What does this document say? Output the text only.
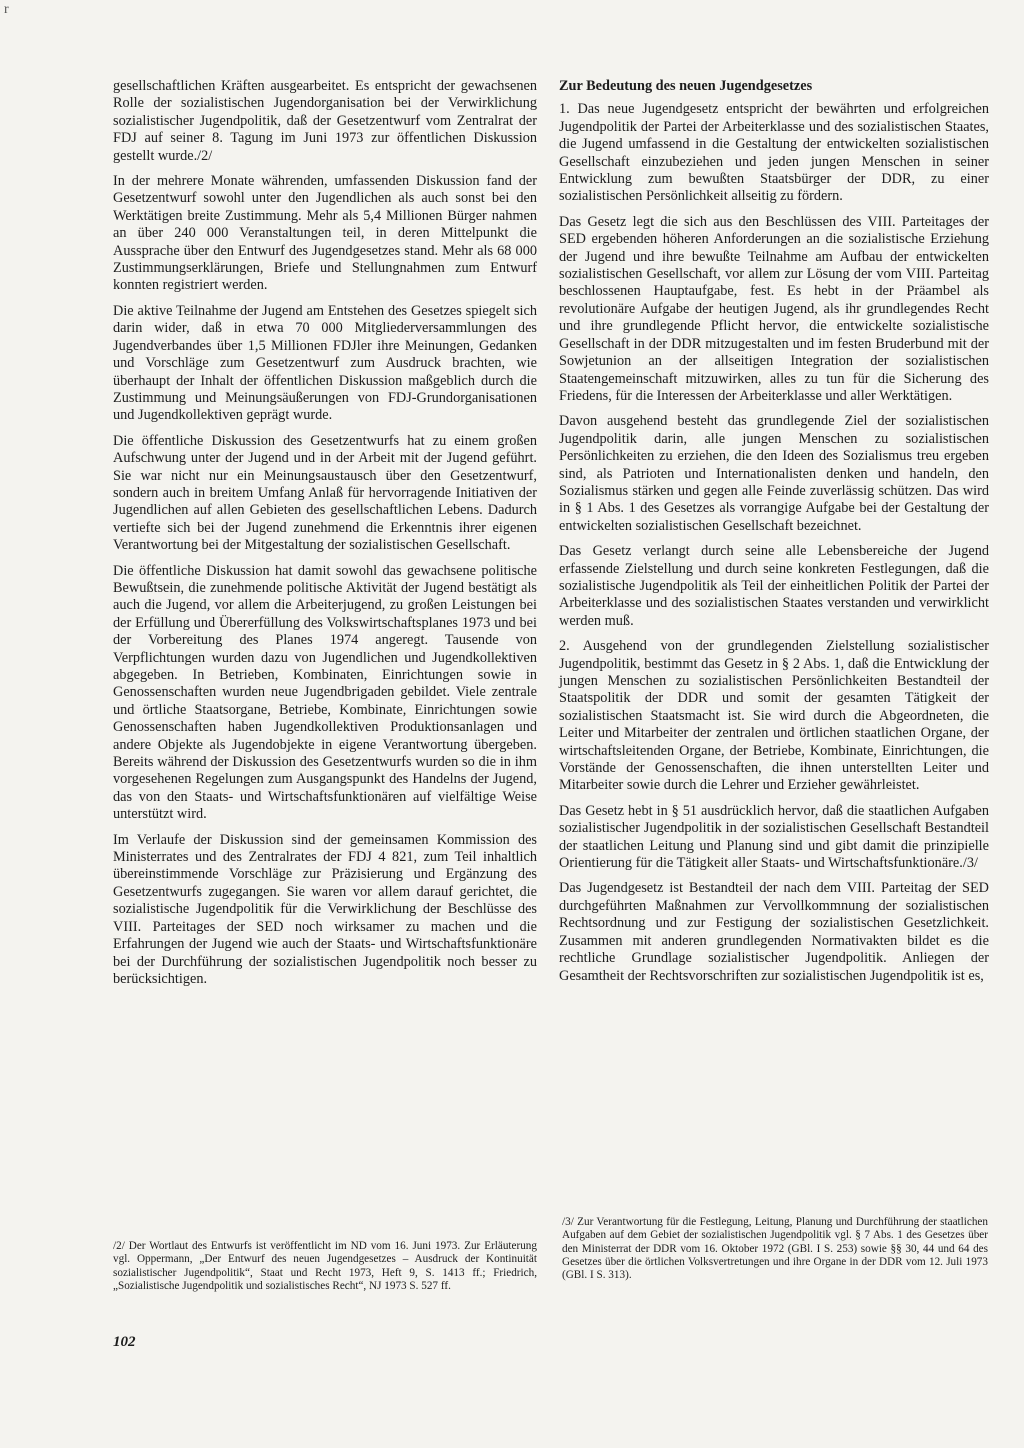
r

gesellschaftlichen Kräften ausgearbeitet. Es entspricht der gewachsenen Rolle der sozialistischen Jugendorganisation bei der Verwirklichung sozialistischer Jugendpolitik, daß der Gesetzentwurf vom Zentralrat der FDJ auf seiner 8. Tagung im Juni 1973 zur öffentlichen Diskussion gestellt wurde./2/

In der mehrere Monate währenden, umfassenden Diskussion fand der Gesetzentwurf sowohl unter den Jugendlichen als auch sonst bei den Werktätigen breite Zustimmung. Mehr als 5,4 Millionen Bürger nahmen an über 240 000 Veranstaltungen teil, in deren Mittelpunkt die Aussprache über den Entwurf des Jugendgesetzes stand. Mehr als 68 000 Zustimmungserklärungen, Briefe und Stellungnahmen zum Entwurf konnten registriert werden.

Die aktive Teilnahme der Jugend am Entstehen des Gesetzes spiegelt sich darin wider, daß in etwa 70 000 Mitgliederversammlungen des Jugendverbandes über 1,5 Millionen FDJler ihre Meinungen, Gedanken und Vorschläge zum Gesetzentwurf zum Ausdruck brachten, wie überhaupt der Inhalt der öffentlichen Diskussion maßgeblich durch die Zustimmung und Meinungsäußerungen von FDJ-Grundorganisationen und Jugendkollektiven geprägt wurde.

Die öffentliche Diskussion des Gesetzentwurfs hat zu einem großen Aufschwung unter der Jugend und in der Arbeit mit der Jugend geführt. Sie war nicht nur ein Meinungsaustausch über den Gesetzentwurf, sondern auch in breitem Umfang Anlaß für hervorragende Initiativen der Jugendlichen auf allen Gebieten des gesellschaftlichen Lebens. Dadurch vertiefte sich bei der Jugend zunehmend die Erkenntnis ihrer eigenen Verantwortung bei der Mitgestaltung der sozialistischen Gesellschaft.

Die öffentliche Diskussion hat damit sowohl das gewachsene politische Bewußtsein, die zunehmende politische Aktivität der Jugend bestätigt als auch die Jugend, vor allem die Arbeiterjugend, zu großen Leistungen bei der Erfüllung und Übererfüllung des Volkswirtschaftsplanes 1973 und bei der Vorbereitung des Planes 1974 angeregt. Tausende von Verpflichtungen wurden dazu von Jugendlichen und Jugendkollektiven abgegeben. In Betrieben, Kombinaten, Einrichtungen sowie in Genossenschaften wurden neue Jugendbrigaden gebildet. Viele zentrale und örtliche Staatsorgane, Betriebe, Kombinate, Einrichtungen sowie Genossenschaften haben Jugendkollektiven Produktionsanlagen und andere Objekte als Jugendobjekte in eigene Verantwortung übergeben. Bereits während der Diskussion des Gesetzentwurfs wurden so die in ihm vorgesehenen Regelungen zum Ausgangspunkt des Handelns der Jugend, das von den Staats- und Wirtschaftsfunktionären auf vielfältige Weise unterstützt wird.

Im Verlaufe der Diskussion sind der gemeinsamen Kommission des Ministerrates und des Zentralrates der FDJ 4 821, zum Teil inhaltlich übereinstimmende Vorschläge zur Präzisierung und Ergänzung des Gesetzentwurfs zugegangen. Sie waren vor allem darauf gerichtet, die sozialistische Jugendpolitik für die Verwirklichung der Beschlüsse des VIII. Parteitages der SED noch wirksamer zu machen und die Erfahrungen der Jugend wie auch der Staats- und Wirtschaftsfunktionäre bei der Durchführung der sozialistischen Jugendpolitik noch besser zu berücksichtigen.

/2/ Der Wortlaut des Entwurfs ist veröffentlicht im ND vom 16. Juni 1973. Zur Erläuterung vgl. Oppermann, „Der Entwurf des neuen Jugendgesetzes – Ausdruck der Kontinuität sozialistischer Jugendpolitik“, Staat und Recht 1973, Heft 9, S. 1413 ff.; Friedrich, „Sozialistische Jugendpolitik und sozialistisches Recht“, NJ 1973 S. 527 ff.
Zur Bedeutung des neuen Jugendgesetzes

1. Das neue Jugendgesetz entspricht der bewährten und erfolgreichen Jugendpolitik der Partei der Arbeiterklasse und des sozialistischen Staates, die Jugend umfassend in die Gestaltung der entwickelten sozialistischen Gesellschaft einzubeziehen und jeden jungen Menschen in seiner Entwicklung zum bewußten Staatsbürger der DDR, zu einer sozialistischen Persönlichkeit allseitig zu fördern.

Das Gesetz legt die sich aus den Beschlüssen des VIII. Parteitages der SED ergebenden höheren Anforderungen an die sozialistische Erziehung der Jugend und ihre bewußte Teilnahme am Aufbau der entwickelten sozialistischen Gesellschaft, vor allem zur Lösung der vom VIII. Parteitag beschlossenen Hauptaufgabe, fest. Es hebt in der Präambel als revolutionäre Aufgabe der heutigen Jugend, als ihr grundlegendes Recht und ihre grundlegende Pflicht hervor, die entwickelte sozialistische Gesellschaft in der DDR mitzugestalten und im festen Bruderbund mit der Sowjetunion an der allseitigen Integration der sozialistischen Staatengemeinschaft mitzuwirken, alles zu tun für die Sicherung des Friedens, für die Interessen der Arbeiterklasse und aller Werktätigen.

Davon ausgehend besteht das grundlegende Ziel der sozialistischen Jugendpolitik darin, alle jungen Menschen zu sozialistischen Persönlichkeiten zu erziehen, die den Ideen des Sozialismus treu ergeben sind, als Patrioten und Internationalisten denken und handeln, den Sozialismus stärken und gegen alle Feinde zuverlässig schützen. Das wird in § 1 Abs. 1 des Gesetzes als vorrangige Aufgabe bei der Gestaltung der entwickelten sozialistischen Gesellschaft bezeichnet.

Das Gesetz verlangt durch seine alle Lebensbereiche der Jugend erfassende Zielstellung und durch seine konkreten Festlegungen, daß die sozialistische Jugendpolitik als Teil der einheitlichen Politik der Partei der Arbeiterklasse und des sozialistischen Staates verstanden und verwirklicht werden muß.

2. Ausgehend von der grundlegenden Zielstellung sozialistischer Jugendpolitik, bestimmt das Gesetz in § 2 Abs. 1, daß die Entwicklung der jungen Menschen zu sozialistischen Persönlichkeiten Bestandteil der Staatspolitik der DDR und somit der gesamten Tätigkeit der sozialistischen Staatsmacht ist. Sie wird durch die Abgeordneten, die Leiter und Mitarbeiter der zentralen und örtlichen staatlichen Organe, der wirtschaftsleitenden Organe, der Betriebe, Kombinate, Einrichtungen, die Vorstände der Genossenschaften, die ihnen unterstellten Leiter und Mitarbeiter sowie durch die Lehrer und Erzieher gewährleistet.

Das Gesetz hebt in § 51 ausdrücklich hervor, daß die staatlichen Aufgaben sozialistischer Jugendpolitik in der sozialistischen Gesellschaft Bestandteil der staatlichen Leitung und Planung sind und gibt damit die prinzipielle Orientierung für die Tätigkeit aller Staats- und Wirtschaftsfunktionäre./3/

Das Jugendgesetz ist Bestandteil der nach dem VIII. Parteitag der SED durchgeführten Maßnahmen zur Vervollkommnung der sozialistischen Rechtsordnung und zur Festigung der sozialistischen Gesetzlichkeit. Zusammen mit anderen grundlegenden Normativakten bildet es die rechtliche Grundlage sozialistischer Jugendpolitik. Anliegen der Gesamtheit der Rechtsvorschriften zur sozialistischen Jugendpolitik ist es,

/3/ Zur Verantwortung für die Festlegung, Leitung, Planung und Durchführung der staatlichen Aufgaben auf dem Gebiet der sozialistischen Jugendpolitik vgl. § 7 Abs. 1 des Gesetzes über den Ministerrat der DDR vom 16. Oktober 1972 (GBl. I S. 253) sowie §§ 30, 44 und 64 des Gesetzes über die örtlichen Volksvertretungen und ihre Organe in der DDR vom 12. Juli 1973 (GBl. I S. 313).
102
